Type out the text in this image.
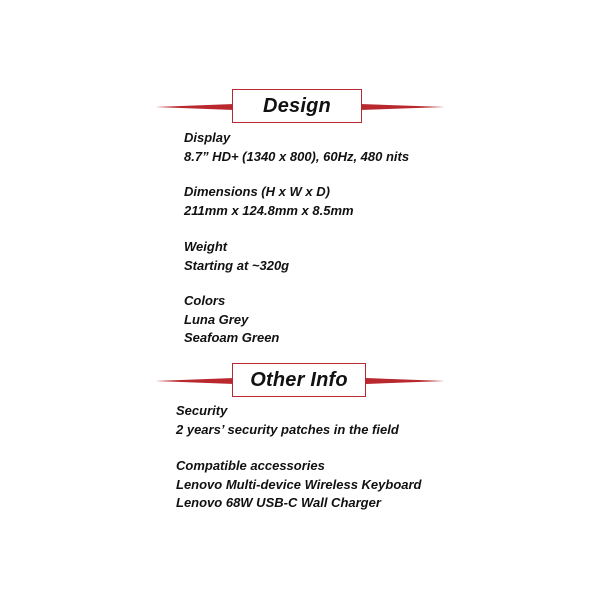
Design
Display
8.7” HD+ (1340 x 800), 60Hz, 480 nits
Dimensions (H x W x D)
211mm x 124.8mm x 8.5mm
Weight
Starting at ~320g
Colors
Luna Grey
Seafoam Green
Other Info
Security
2 years’ security patches in the field
Compatible accessories
Lenovo Multi-device Wireless Keyboard
Lenovo 68W USB-C Wall Charger
